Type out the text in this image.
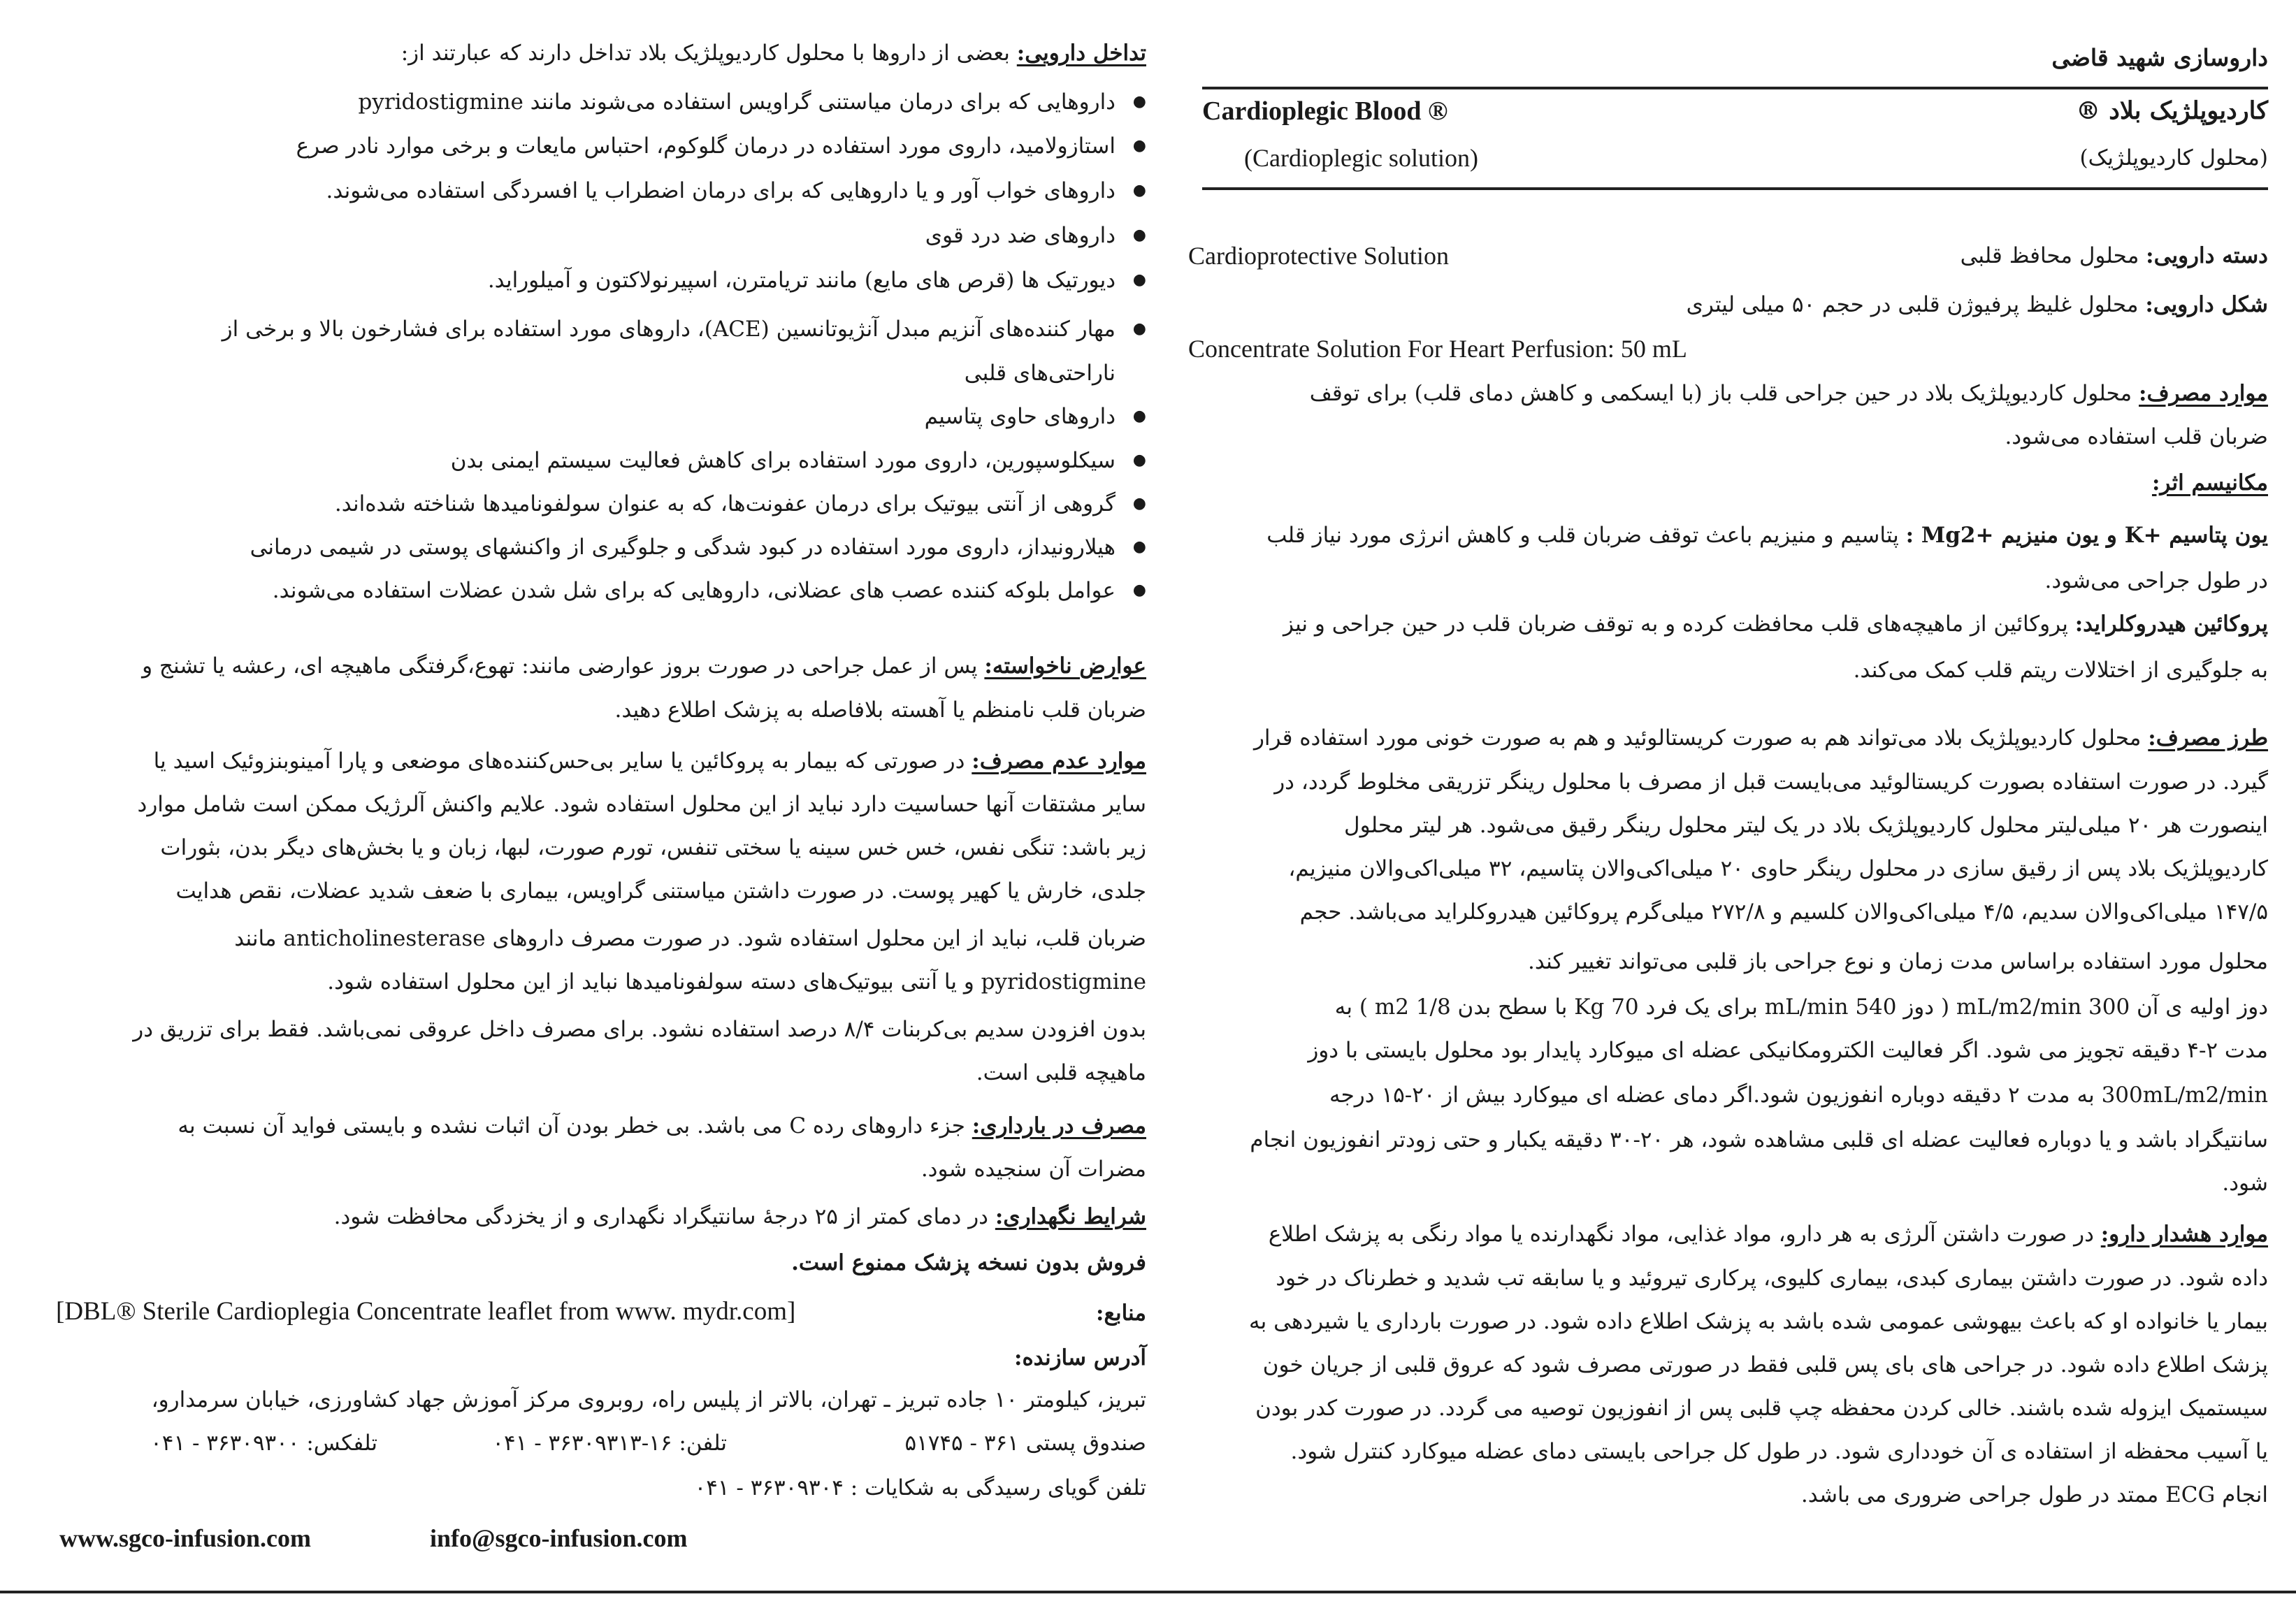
داروسازی شهید قاضی
کاردیوپلژیک بلاد ®
Cardioplegic Blood ®
(محلول کاردیوپلژیک)
(Cardioplegic solution)
دسته دارویی: محلول محافظ قلبی
Cardioprotective Solution
شکل دارویی: محلول غلیظ پرفیوژن قلبی در حجم ۵۰ میلی لیتری
Concentrate Solution For Heart Perfusion: 50 mL
موارد مصرف: محلول کاردیوپلژیک بلاد در حین جراحی قلب باز (با ایسکمی و کاهش دمای قلب) برای توقف
ضربان قلب استفاده می‌شود.
مکانیسم اثر:
یون پتاسیم +K و یون منیزیم +Mg2 : پتاسیم و منیزیم باعث توقف ضربان قلب و کاهش انرژی مورد نیاز قلب
در طول جراحی می‌شود.
پروکائین هیدروکلراید: پروکائین از ماهیچه‌های قلب محافظت کرده و به توقف ضربان قلب در حین جراحی و نیز
به جلوگیری از اختلالات ریتم قلب کمک می‌کند.
طرز مصرف: محلول کاردیوپلژیک بلاد می‌تواند هم به صورت کریستالوئید و هم به صورت خونی مورد استفاده قرار
گیرد. در صورت استفاده بصورت کریستالوئید می‌بایست قبل از مصرف با محلول رینگر تزریقی مخلوط گردد، در
اینصورت هر ۲۰ میلی‌لیتر محلول کاردیوپلژیک بلاد در یک لیتر محلول رینگر رقیق می‌شود. هر لیتر محلول
کاردیوپلژیک بلاد پس از رقیق سازی در محلول رینگر حاوی ۲۰ میلی‌اکی‌والان پتاسیم، ۳۲ میلی‌اکی‌والان منیزیم،
۱۴۷/۵ میلی‌اکی‌والان سدیم، ۴/۵ میلی‌اکی‌والان کلسیم و ۲۷۲/۸ میلی‌گرم پروکائین هیدروکلراید می‌باشد. حجم
محلول مورد استفاده براساس مدت زمان و نوع جراحی باز قلبی می‌تواند تغییر کند.
دوز اولیه ی آن 300 mL/m2/min ( دوز 540 mL/min برای یک فرد 70 Kg با سطح بدن 1/8 m2 ) به
مدت ۲-۴ دقیقه تجویز می شود. اگر فعالیت الکترومکانیکی عضله ای میوکارد پایدار بود محلول بایستی با دوز
300mL/m2/min به مدت ۲ دقیقه دوباره انفوزیون شود.اگر دمای عضله ای میوکارد بیش از ۲۰-۱۵ درجه
سانتیگراد باشد و یا دوباره فعالیت عضله ای قلبی مشاهده شود، هر ۲۰-۳۰ دقیقه یکبار و حتی زودتر انفوزیون انجام
شود.
موارد هشدار دارو: در صورت داشتن آلرژی به هر دارو، مواد غذایی، مواد نگهدارنده یا مواد رنگی به پزشک اطلاع
داده شود. در صورت داشتن بیماری کبدی، بیماری کلیوی، پرکاری تیروئید و یا سابقه تب شدید و خطرناک در خود
بیمار یا خانواده او که باعث بیهوشی عمومی شده باشد به پزشک اطلاع داده شود. در صورت بارداری یا شیردهی به
پزشک اطلاع داده شود. در جراحی های بای پس قلبی فقط در صورتی مصرف شود که عروق قلبی از جریان خون
سیستمیک ایزوله شده باشند. خالی کردن محفظه چپ قلبی پس از انفوزیون توصیه می گردد. در صورت کدر بودن
یا آسیب محفظه از استفاده ی آن خودداری شود. در طول کل جراحی بایستی دمای عضله میوکارد کنترل شود.
انجام ECG ممتد در طول جراحی ضروری می باشد.
تداخل دارویی: بعضی از داروها با محلول کاردیوپلژیک بلاد تداخل دارند که عبارتند از:
● داروهایی که برای درمان میاستنی گراویس استفاده می‌شوند مانند pyridostigmine
● استازولامید، داروی مورد استفاده در درمان گلوکوم، احتباس مایعات و برخی موارد نادر صرع
● داروهای خواب آور و یا داروهایی که برای درمان اضطراب یا افسردگی استفاده می‌شوند.
● داروهای ضد درد قوی
● دیورتیک ها (قرص های مایع) مانند تریامترن، اسپیرنولاکتون و آمیلوراید.
● مهار کننده‌های آنزیم مبدل آنژیوتانسین (ACE)، داروهای مورد استفاده برای فشارخون بالا و برخی از
ناراحتی‌های قلبی
● داروهای حاوی پتاسیم
● سیکلوسپورین، داروی مورد استفاده برای کاهش فعالیت سیستم ایمنی بدن
● گروهی از آنتی بیوتیک برای درمان عفونت‌ها، که به عنوان سولفونامیدها شناخته شده‌اند.
● هیلارونیداز، داروی مورد استفاده در کبود شدگی و جلوگیری از واکنشهای پوستی در شیمی درمانی
● عوامل بلوکه کننده عصب های عضلانی، داروهایی که برای شل شدن عضلات استفاده می‌شوند.
عوارض ناخواسته: پس از عمل جراحی در صورت بروز عوارضی مانند: تهوع،گرفتگی ماهیچه ای، رعشه یا تشنج و
ضربان قلب نامنظم یا آهسته بلافاصله به پزشک اطلاع دهید.
موارد عدم مصرف: در صورتی که بیمار به پروکائین یا سایر بی‌حس‌کننده‌های موضعی و پارا آمینوبنزوئیک اسید یا
سایر مشتقات آنها حساسیت دارد نباید از این محلول استفاده شود. علایم واکنش آلرژیک ممکن است شامل موارد
زیر باشد: تنگی نفس، خس خس سینه یا سختی تنفس، تورم صورت، لبها، زبان و یا بخش‌های دیگر بدن، بثورات
جلدی، خارش یا کهیر پوست. در صورت داشتن میاستنی گراویس، بیماری با ضعف شدید عضلات، نقص هدایت
ضربان قلب، نباید از این محلول استفاده شود. در صورت مصرف داروهای anticholinesterase مانند
pyridostigmine و یا آنتی بیوتیک‌های دسته سولفونامیدها نباید از این محلول استفاده شود.
بدون افزودن سدیم بی‌کربنات ۸/۴ درصد استفاده نشود. برای مصرف داخل عروقی نمی‌باشد. فقط برای تزریق در
ماهیچه قلبی است.
مصرف در بارداری: جزء داروهای رده C می باشد. بی خطر بودن آن اثبات نشده و بایستی فواید آن نسبت به
مضرات آن سنجیده شود.
شرایط نگهداری: در دمای کمتر از ۲۵ درجهٔ سانتیگراد نگهداری و از یخزدگی محافظت شود.
فروش بدون نسخه پزشک ممنوع است.
منابع:
[DBL® Sterile Cardioplegia Concentrate leaflet from www. mydr.com]
آدرس سازنده:
تبریز، کیلومتر ۱۰ جاده تبریز ـ تهران، بالاتر از پلیس راه، روبروی مرکز آموزش جهاد کشاورزی، خیابان سرمدارو،
صندوق پستی ۳۶۱ - ۵۱۷۴۵
تلفن: ۱۶-۳۶۳۰۹۳۱۳ - ۰۴۱
تلفکس: ۳۶۳۰۹۳۰۰ - ۰۴۱
تلفن گویای رسیدگی به شکایات : ۳۶۳۰۹۳۰۴ - ۰۴۱
www.sgco-infusion.com	info@sgco-infusion.com
